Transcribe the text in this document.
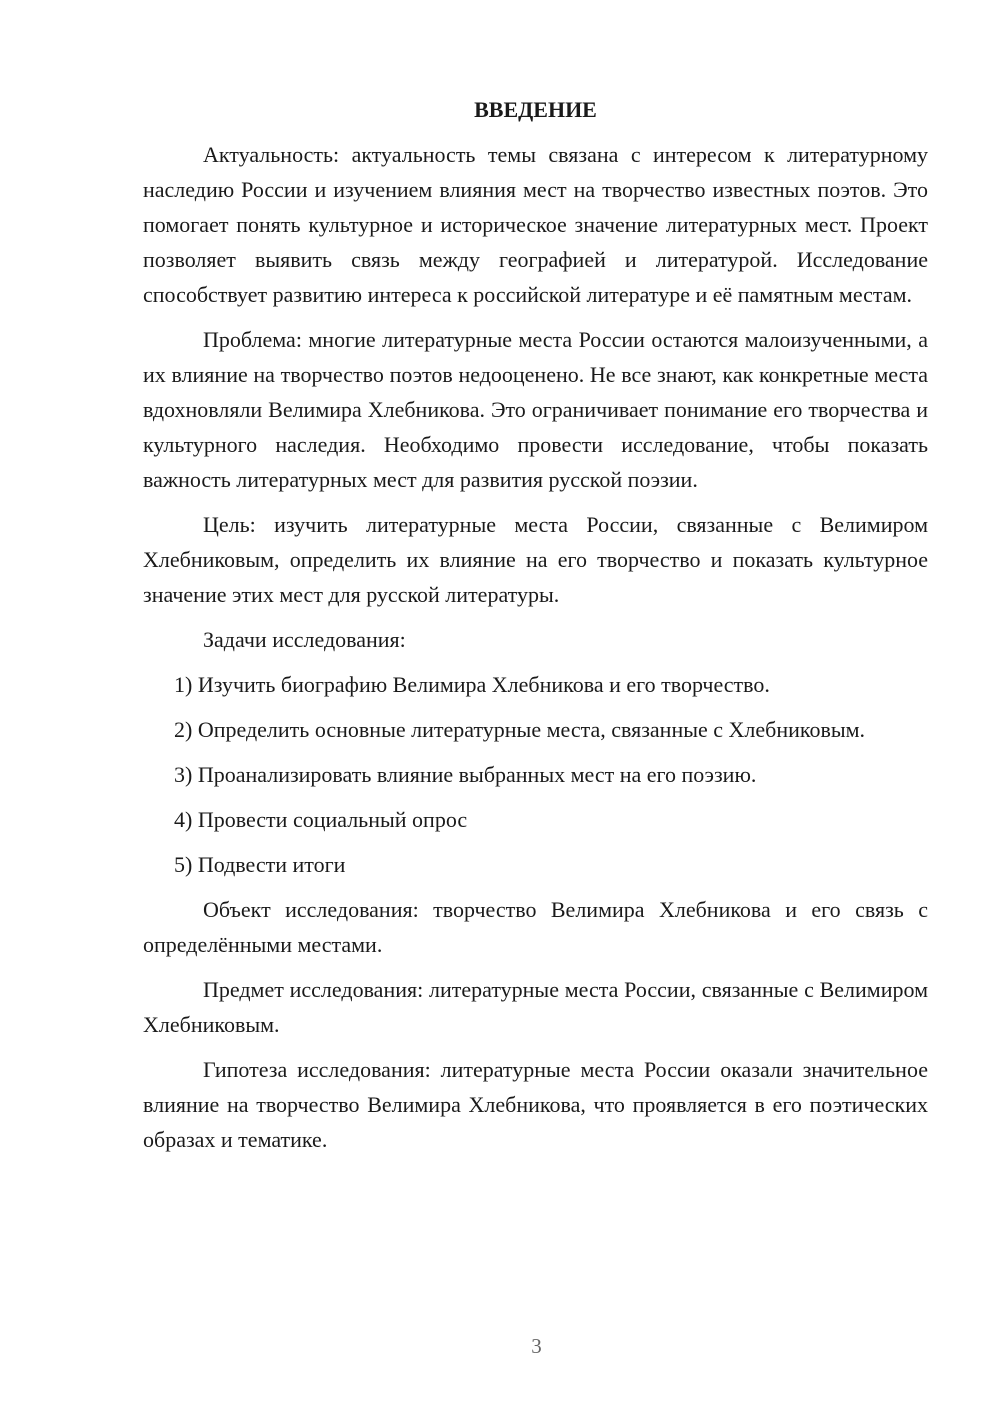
ВВЕДЕНИЕ

Актуальность: актуальность темы связана с интересом к литературному наследию России и изучением влияния мест на творчество известных поэтов. Это помогает понять культурное и историческое значение литературных мест. Проект позволяет выявить связь между географией и литературой. Исследование способствует развитию интереса к российской литературе и её памятным местам.

Проблема: многие литературные места России остаются малоизученными, а их влияние на творчество поэтов недооценено. Не все знают, как конкретные места вдохновляли Велимира Хлебникова. Это ограничивает понимание его творчества и культурного наследия. Необходимо провести исследование, чтобы показать важность литературных мест для развития русской поэзии.

Цель: изучить литературные места России, связанные с Велимиром Хлебниковым, определить их влияние на его творчество и показать культурное значение этих мест для русской литературы.

Задачи исследования:

1) Изучить биографию Велимира Хлебникова и его творчество.

2) Определить основные литературные места, связанные с Хлебниковым.

3) Проанализировать влияние выбранных мест на его поэзию.

4) Провести социальный опрос

5) Подвести итоги

Объект исследования: творчество Велимира Хлебникова и его связь с определёнными местами.

Предмет исследования: литературные места России, связанные с Велимиром Хлебниковым.

Гипотеза исследования: литературные места России оказали значительное влияние на творчество Велимира Хлебникова, что проявляется в его поэтических образах и тематике.

3
